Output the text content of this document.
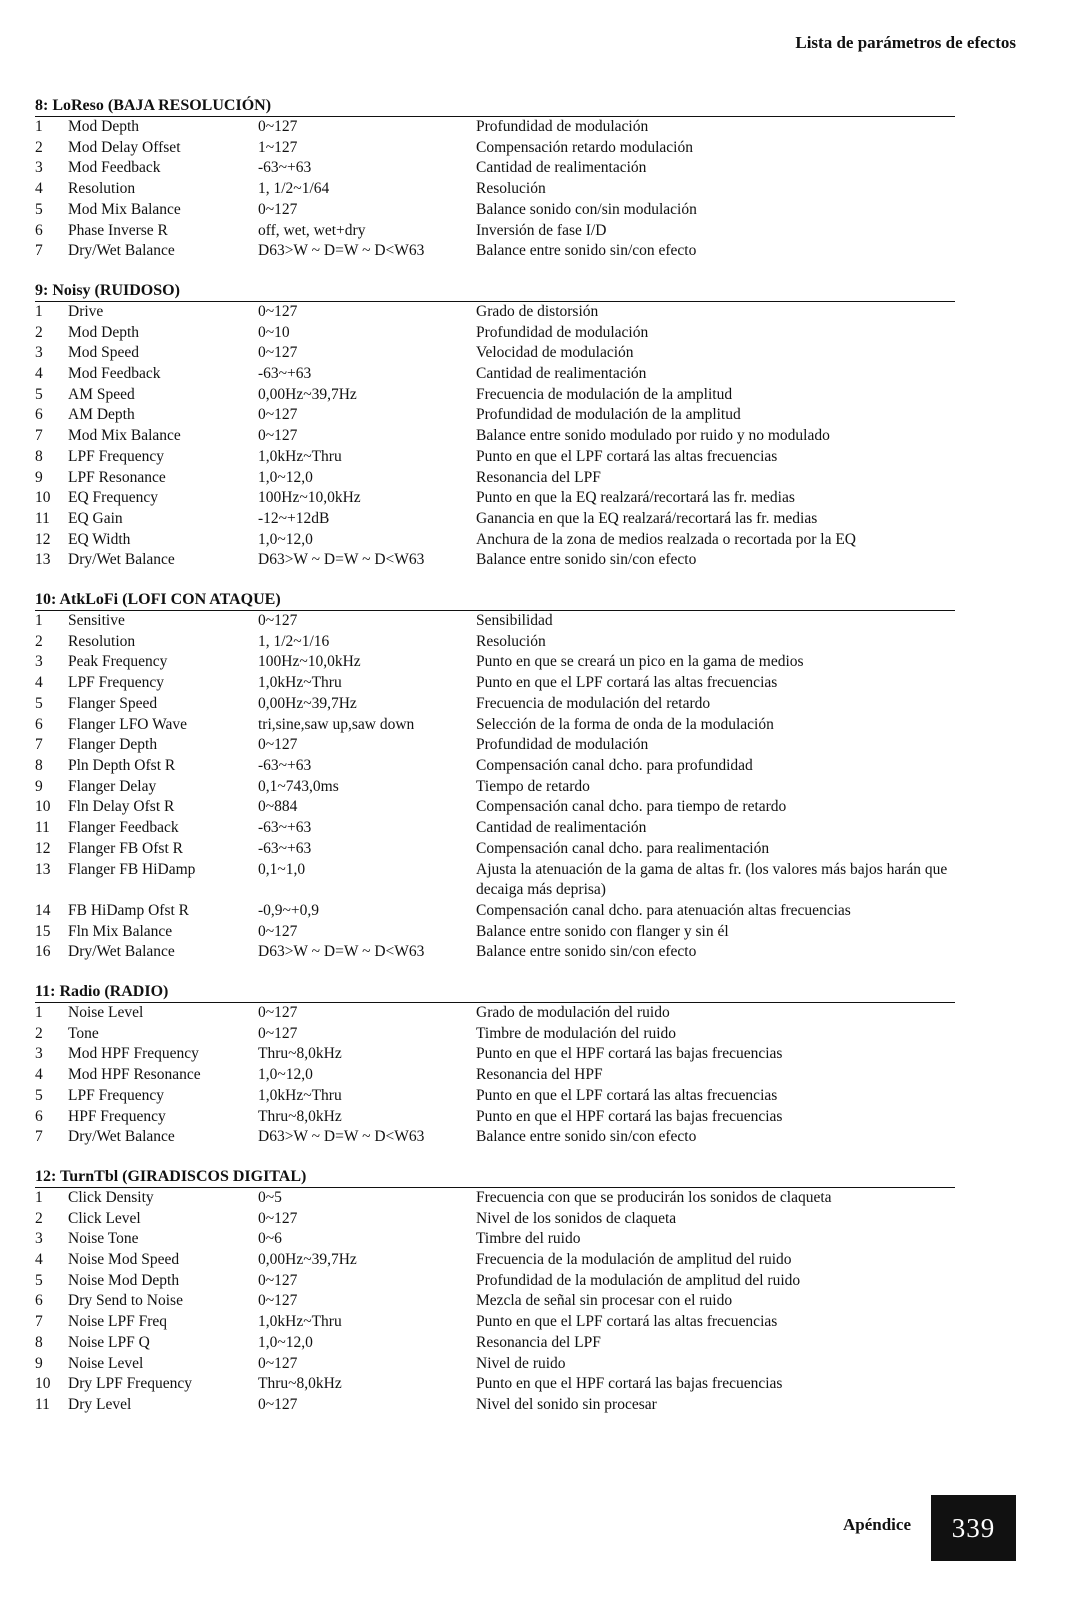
Lista de parámetros de efectos
8: LoReso (BAJA RESOLUCIÓN)
1	Mod Depth	0~127	Profundidad de modulación
2	Mod Delay Offset	1~127	Compensación retardo modulación
3	Mod Feedback	-63~+63	Cantidad de realimentación
4	Resolution	1, 1/2~1/64	Resolución
5	Mod Mix Balance	0~127	Balance sonido con/sin modulación
6	Phase Inverse R	off, wet, wet+dry	Inversión de fase I/D
7	Dry/Wet Balance	D63>W ~ D=W ~ D<W63	Balance entre sonido sin/con efecto
9: Noisy (RUIDOSO)
1	Drive	0~127	Grado de distorsión
2	Mod Depth	0~10	Profundidad de modulación
3	Mod Speed	0~127	Velocidad de modulación
4	Mod Feedback	-63~+63	Cantidad de realimentación
5	AM Speed	0,00Hz~39,7Hz	Frecuencia de modulación de la amplitud
6	AM Depth	0~127	Profundidad de modulación de la amplitud
7	Mod Mix Balance	0~127	Balance entre sonido modulado por ruido y no modulado
8	LPF Frequency	1,0kHz~Thru	Punto en que el LPF cortará las altas frecuencias
9	LPF Resonance	1,0~12,0	Resonancia del LPF
10	EQ Frequency	100Hz~10,0kHz	Punto en que la EQ realzará/recortará las fr. medias
11	EQ Gain	-12~+12dB	Ganancia en que la EQ realzará/recortará las fr. medias
12	EQ Width	1,0~12,0	Anchura de la zona de medios realzada o recortada por la EQ
13	Dry/Wet Balance	D63>W ~ D=W ~ D<W63	Balance entre sonido sin/con efecto
10: AtkLoFi (LOFI CON ATAQUE)
1	Sensitive	0~127	Sensibilidad
2	Resolution	1, 1/2~1/16	Resolución
3	Peak Frequency	100Hz~10,0kHz	Punto en que se creará un pico en la gama de medios
4	LPF Frequency	1,0kHz~Thru	Punto en que el LPF cortará las altas frecuencias
5	Flanger Speed	0,00Hz~39,7Hz	Frecuencia de modulación del retardo
6	Flanger LFO Wave	tri,sine,saw up,saw down	Selección de la forma de onda de la modulación
7	Flanger Depth	0~127	Profundidad de modulación
8	Pln Depth Ofst R	-63~+63	Compensación canal dcho. para profundidad
9	Flanger Delay	0,1~743,0ms	Tiempo de retardo
10	Fln Delay Ofst R	0~884	Compensación canal dcho. para tiempo de retardo
11	Flanger Feedback	-63~+63	Cantidad de realimentación
12	Flanger FB Ofst R	-63~+63	Compensación canal dcho. para realimentación
13	Flanger FB HiDamp	0,1~1,0	Ajusta la atenuación de la gama de altas fr. (los valores más bajos harán que decaiga más deprisa)
14	FB HiDamp Ofst R	-0,9~+0,9	Compensación canal dcho. para atenuación altas frecuencias
15	Fln Mix Balance	0~127	Balance entre sonido con flanger y sin él
16	Dry/Wet Balance	D63>W ~ D=W ~ D<W63	Balance entre sonido sin/con efecto
11: Radio (RADIO)
1	Noise Level	0~127	Grado de modulación del ruido
2	Tone	0~127	Timbre de modulación del ruido
3	Mod HPF Frequency	Thru~8,0kHz	Punto en que el HPF cortará las bajas frecuencias
4	Mod HPF Resonance	1,0~12,0	Resonancia del HPF
5	LPF Frequency	1,0kHz~Thru	Punto en que el LPF cortará las altas frecuencias
6	HPF Frequency	Thru~8,0kHz	Punto en que el HPF cortará las bajas frecuencias
7	Dry/Wet Balance	D63>W ~ D=W ~ D<W63	Balance entre sonido sin/con efecto
12: TurnTbl (GIRADISCOS DIGITAL)
1	Click Density	0~5	Frecuencia con que se producirán los sonidos de claqueta
2	Click Level	0~127	Nivel de los sonidos de claqueta
3	Noise Tone	0~6	Timbre del ruido
4	Noise Mod Speed	0,00Hz~39,7Hz	Frecuencia de la modulación de amplitud del ruido
5	Noise Mod Depth	0~127	Profundidad de la modulación de amplitud del ruido
6	Dry Send to Noise	0~127	Mezcla de señal sin procesar con el ruido
7	Noise LPF Freq	1,0kHz~Thru	Punto en que el LPF cortará las altas frecuencias
8	Noise LPF Q	1,0~12,0	Resonancia del LPF
9	Noise Level	0~127	Nivel de ruido
10	Dry LPF Frequency	Thru~8,0kHz	Punto en que el HPF cortará las bajas frecuencias
11	Dry Level	0~127	Nivel del sonido sin procesar
Apéndice 339
